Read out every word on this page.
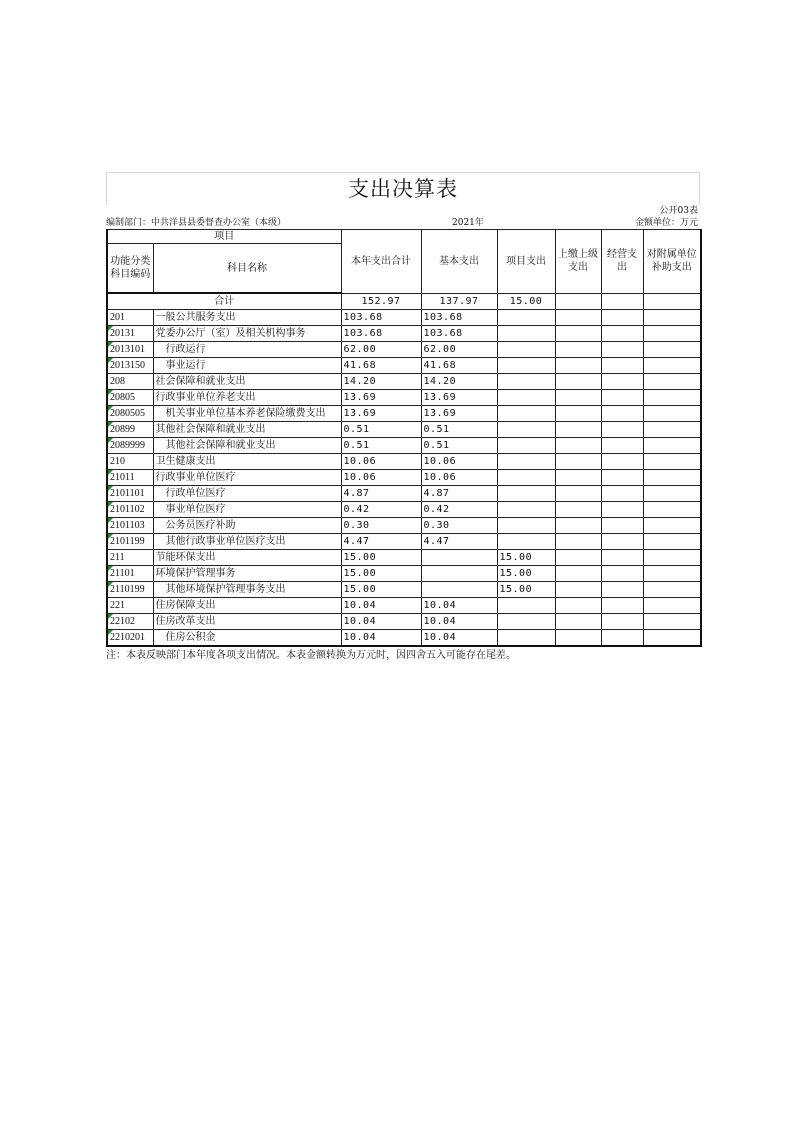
支出决算表
公开03表
编制部门：中共洋县县委督查办公室（本级）	2021年	金额单位：万元
项目		本年支出合计	基本支出	项目支出	上缴上级支出	经营支出	对附属单位补助支出
功能分类科目编码	科目名称						
合计		152.97	137.97	15.00			
201	一般公共服务支出	103.68	103.68				

20131	党委办公厅（室）及相关机构事务	103.68	103.68				

2013101	行政运行	62.00	62.00				

2013150	事业运行	41.68	41.68				
208	社会保障和就业支出	14.20	14.20				

20805	行政事业单位养老支出	13.69	13.69				

2080505	机关事业单位基本养老保险缴费支出	13.69	13.69				

20899	其他社会保障和就业支出	0.51	0.51				

2089999	其他社会保障和就业支出	0.51	0.51				
210	卫生健康支出	10.06	10.06				

21011	行政事业单位医疗	10.06	10.06				

2101101	行政单位医疗	4.87	4.87				

2101102	事业单位医疗	0.42	0.42				

2101103	公务员医疗补助	0.30	0.30				

2101199	其他行政事业单位医疗支出	4.47	4.47				
211	节能环保支出	15.00		15.00			

21101	环境保护管理事务	15.00		15.00			

2110199	其他环境保护管理事务支出	15.00		15.00			
221	住房保障支出	10.04	10.04				

22102	住房改革支出	10.04	10.04				

2210201	住房公积金	10.04	10.04				
注：本表反映部门本年度各项支出情况。本表金额转换为万元时，因四舍五入可能存在尾差。
